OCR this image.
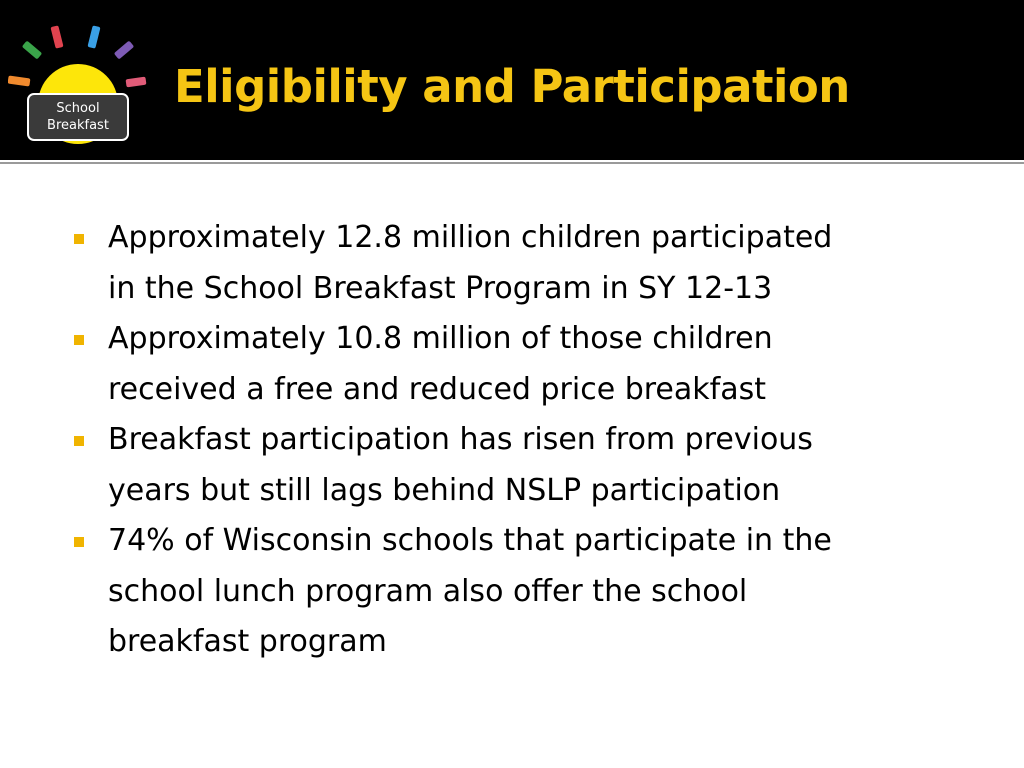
School
Breakfast
Eligibility and Participation
Approximately 12.8 million children participated
in the School Breakfast Program in SY 12-13
Approximately 10.8 million of those children
received a free and reduced price breakfast
Breakfast participation has risen from previous
years but still lags behind NSLP participation
74% of Wisconsin schools that participate in the
school lunch program also offer the school
breakfast program
